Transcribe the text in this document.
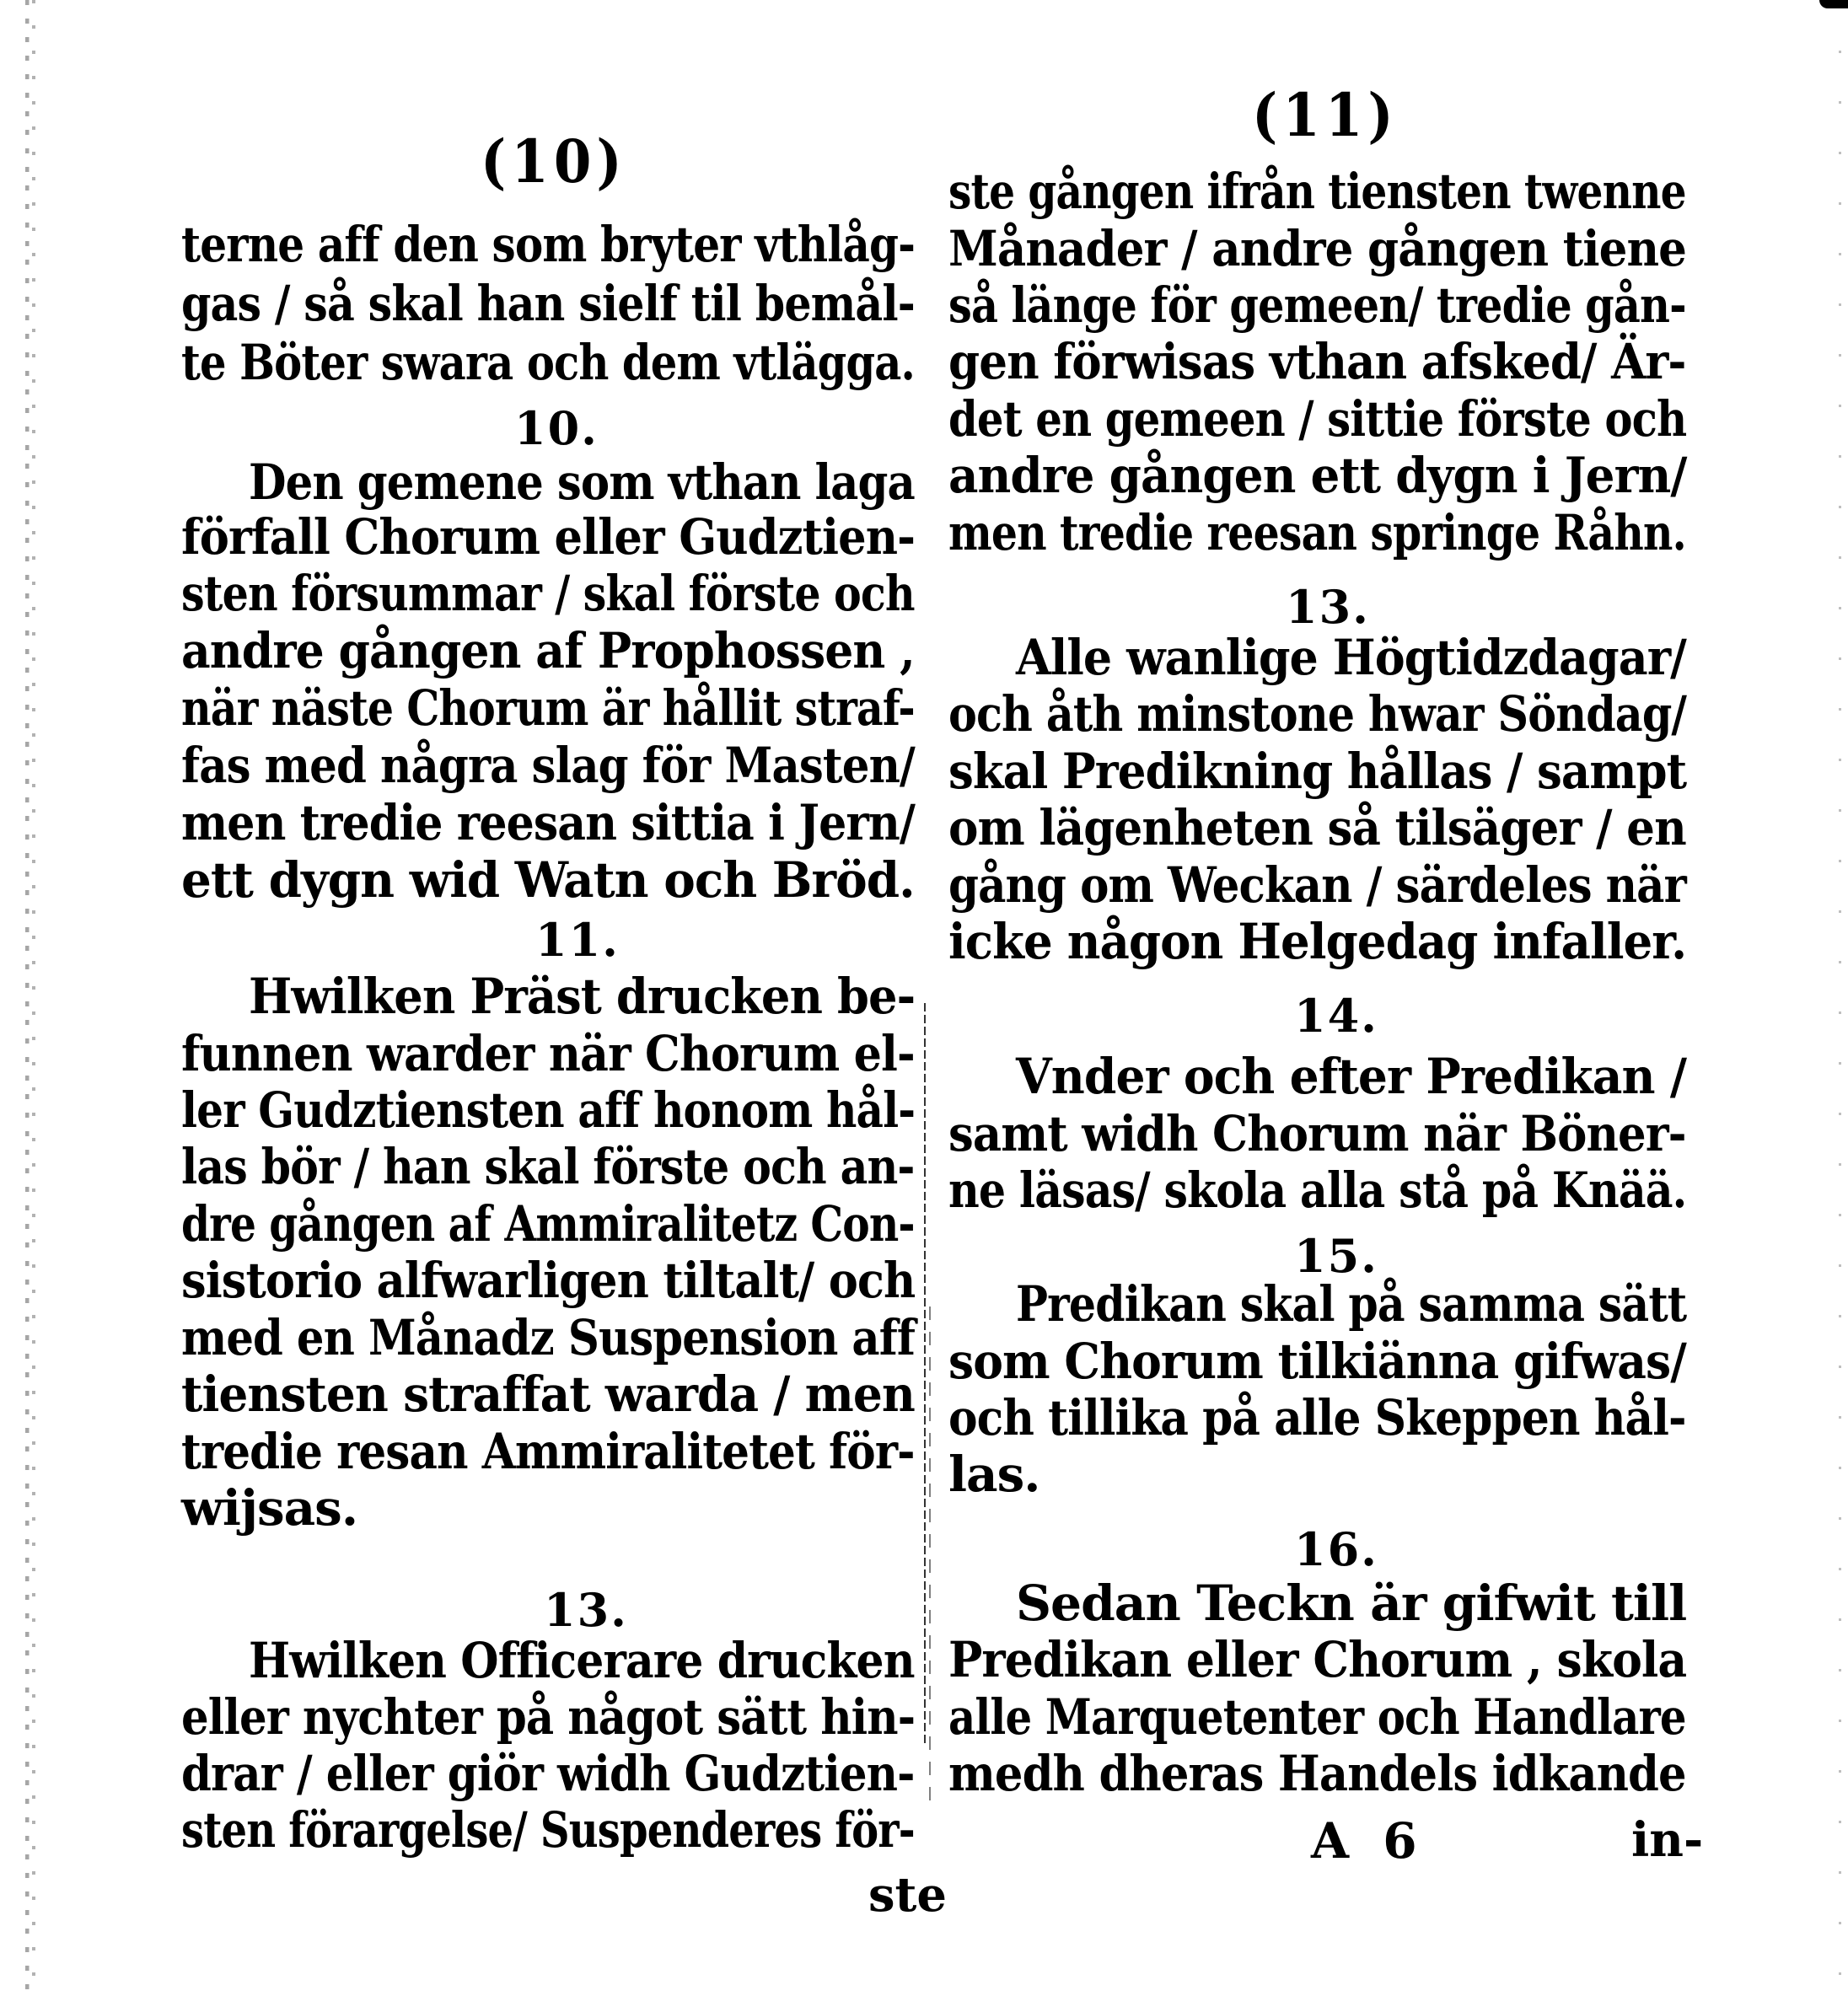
(10)
terne aff den som bryter vthlåg-
gas / så skal han sielf til bemål-
te Böter swara och dem vtlägga.
10.
Den gemene som vthan laga
förfall Chorum eller Gudztien-
sten försummar / skal förste och
andre gången af Prophossen ,
när näste Chorum är hållit straf-
fas med några slag för Masten/
men tredie reesan sittia i Jern/
ett dygn wid Watn och Bröd.
11.
Hwilken Präst drucken be-
funnen warder när Chorum el-
ler Gudztiensten aff honom hål-
las bör / han skal förste och an-
dre gången af Ammiralitetz Con-
sistorio alfwarligen tiltalt/ och
med en Månadz Suspension aff
tiensten straffat warda / men
tredie resan Ammiralitetet för-
wijsas.
13.
Hwilken Officerare drucken
eller nychter på något sätt hin-
drar / eller giör widh Gudztien-
sten förargelse/ Suspenderes för-
ste
(11)
ste gången ifrån tiensten twenne
Månader / andre gången tiene
så länge för gemeen/ tredie gån-
gen förwisas vthan afsked/ Är-
det en gemeen / sittie förste och
andre gången ett dygn i Jern/
men tredie reesan springe Råhn.
13.
Alle wanlige Högtidzdagar/
och åth minstone hwar Söndag/
skal Predikning hållas / sampt
om lägenheten så tilsäger / en
gång om Weckan / särdeles när
icke någon Helgedag infaller.
14.
Vnder och efter Predikan /
samt widh Chorum när Böner-
ne läsas/ skola alla stå på Knää.
15.
Predikan skal på samma sätt
som Chorum tilkiänna gifwas/
och tillika på alle Skeppen hål-
las.
16.
Sedan Teckn är gifwit till
Predikan eller Chorum , skola
alle Marquetenter och Handlare
medh dheras Handels idkande
A 6	in-
